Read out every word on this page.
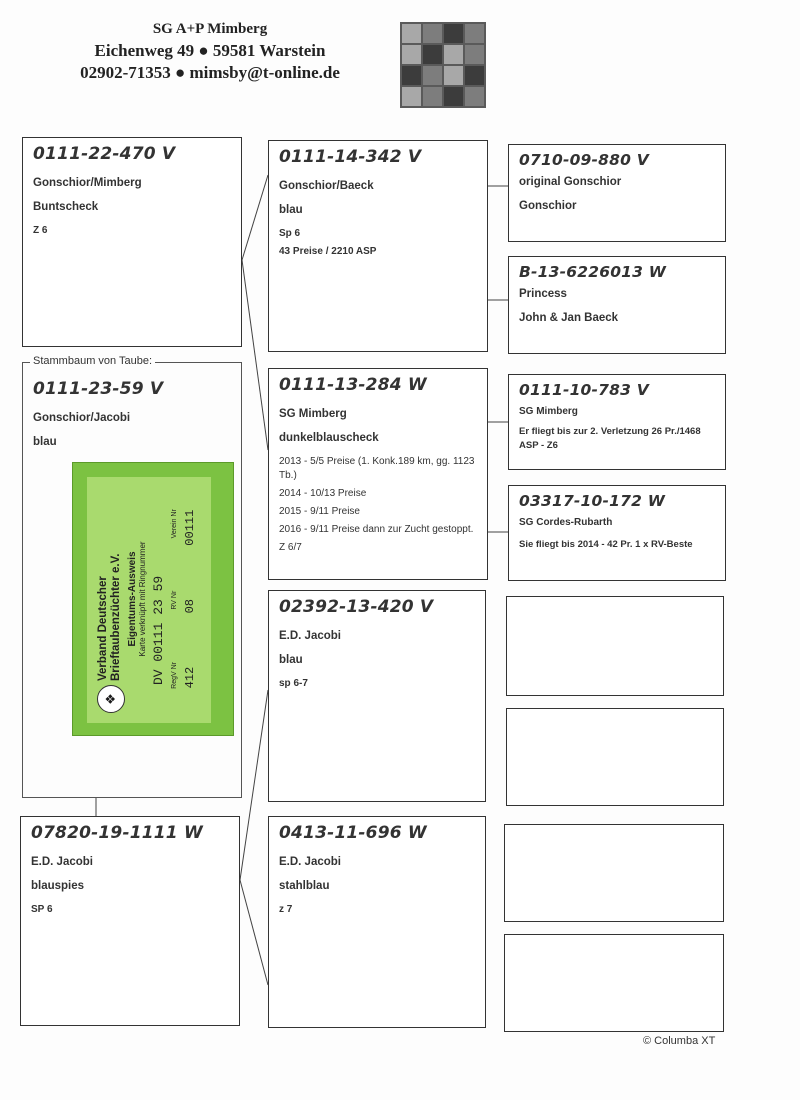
SG A+P Mimberg
Eichenweg 49 ● 59581 Warstein
02902-71353 ● mimsby@t-online.de
0111-22-470 V
Gonschior/Mimberg
Buntscheck
Z 6
0111-23-59 V
Gonschior/Jacobi
blau
Stammbaum von Taube:
❖
Verband Deutscher Brieftaubenzüchter e.V. Eigentums-Ausweis Karte verknüpft mit Ringnummer DV 00111 23 59 RegV Nr
RV Nr
Verein Nr
412
08
00111
07820-19-1111 W
E.D. Jacobi
blauspies
SP 6
0111-14-342 V
Gonschior/Baeck
blau
Sp 6
43 Preise / 2210 ASP
0111-13-284 W
SG Mimberg
dunkelblauscheck
2013 - 5/5 Preise (1. Konk.189 km, gg. 1123 Tb.)
2014 - 10/13 Preise
2015 - 9/11 Preise
2016 - 9/11 Preise dann zur Zucht gestoppt.
Z 6/7
02392-13-420 V
E.D. Jacobi
blau
sp 6-7
0413-11-696 W
E.D. Jacobi
stahlblau
z 7
0710-09-880 V
original Gonschior
Gonschior
B-13-6226013 W
Princess
John & Jan Baeck
0111-10-783 V
SG Mimberg
Er fliegt bis zur 2. Verletzung 26 Pr./1468 ASP - Z6
03317-10-172 W
SG Cordes-Rubarth
Sie fliegt bis 2014 - 42 Pr. 1 x RV-Beste
© Columba XT
